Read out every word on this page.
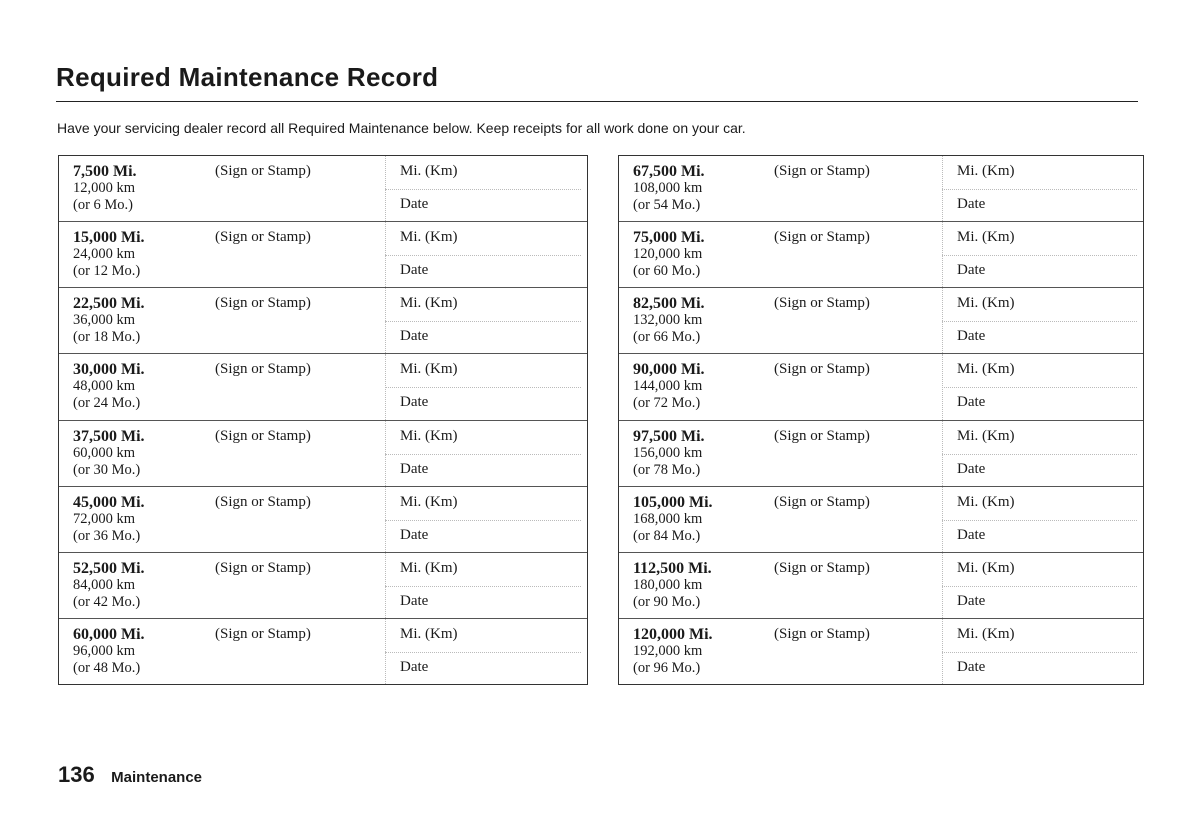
Required Maintenance Record

Have your servicing dealer record all Required Maintenance below. Keep receipts for all work done on your car.

7,500 Mi.
12,000 km
(or 6 Mo.)
(Sign or Stamp)	Mi. (Km)
Date
15,000 Mi.
24,000 km
(or 12 Mo.)
(Sign or Stamp)	Mi. (Km)
Date
22,500 Mi.
36,000 km
(or 18 Mo.)
(Sign or Stamp)	Mi. (Km)
Date
30,000 Mi.
48,000 km
(or 24 Mo.)
(Sign or Stamp)	Mi. (Km)
Date
37,500 Mi.
60,000 km
(or 30 Mo.)
(Sign or Stamp)	Mi. (Km)
Date
45,000 Mi.
72,000 km
(or 36 Mo.)
(Sign or Stamp)	Mi. (Km)
Date
52,500 Mi.
84,000 km
(or 42 Mo.)
(Sign or Stamp)	Mi. (Km)
Date
60,000 Mi.
96,000 km
(or 48 Mo.)
(Sign or Stamp)	Mi. (Km)
Date
67,500 Mi.
108,000 km
(or 54 Mo.)
(Sign or Stamp)	Mi. (Km)
Date
75,000 Mi.
120,000 km
(or 60 Mo.)
(Sign or Stamp)	Mi. (Km)
Date
82,500 Mi.
132,000 km
(or 66 Mo.)
(Sign or Stamp)	Mi. (Km)
Date
90,000 Mi.
144,000 km
(or 72 Mo.)
(Sign or Stamp)	Mi. (Km)
Date
97,500 Mi.
156,000 km
(or 78 Mo.)
(Sign or Stamp)	Mi. (Km)
Date
105,000 Mi.
168,000 km
(or 84 Mo.)
(Sign or Stamp)	Mi. (Km)
Date
112,500 Mi.
180,000 km
(or 90 Mo.)
(Sign or Stamp)	Mi. (Km)
Date
120,000 Mi.
192,000 km
(or 96 Mo.)
(Sign or Stamp)	Mi. (Km)
Date
136 Maintenance
